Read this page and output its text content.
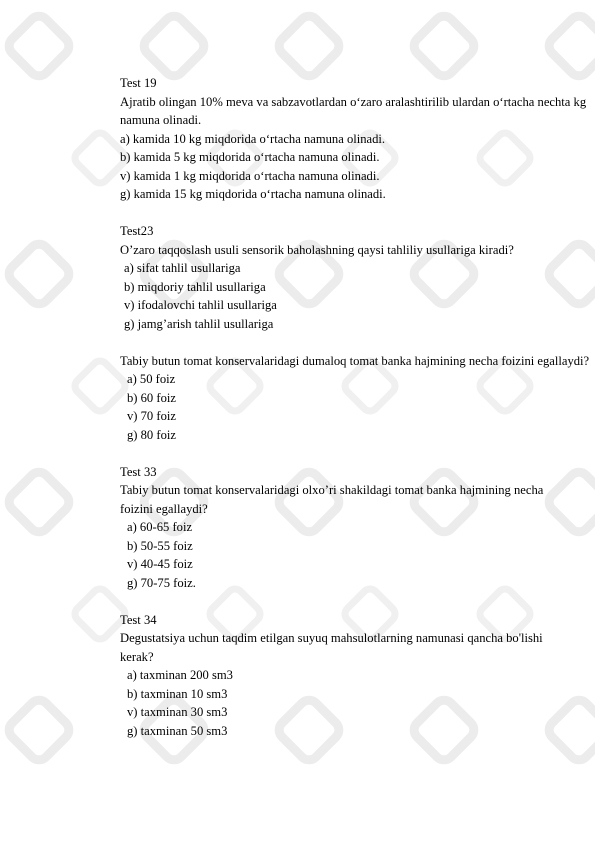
Test 19
Ajratib olingan 10% meva va sabzavotlardan o‘zaro aralashtirilib ulardan o‘rtacha nechta kg namuna olinadi.
a) kamida 10 kg miqdorida o‘rtacha namuna olinadi.
b) kamida 5 kg miqdorida o‘rtacha namuna olinadi.
v) kamida 1 kg miqdorida o‘rtacha namuna olinadi.
g) kamida 15 kg miqdorida o‘rtacha namuna olinadi.
Test23
O’zaro taqqoslash usuli sensorik baholashning qaysi tahliliy usullariga kiradi?
a) sifat tahlil usullariga
b) miqdoriy tahlil usullariga
v) ifodalovchi tahlil usullariga
g) jamg’arish tahlil usullariga
Tabiy butun tomat konservalaridagi dumaloq tomat banka hajmining necha foizini egallaydi?
a) 50 foiz
b) 60 foiz
v) 70 foiz
g) 80 foiz
Test 33
Tabiy butun tomat konservalaridagi olxo’ri shakildagi tomat banka hajmining necha foizini egallaydi?
a) 60-65 foiz
b) 50-55 foiz
v) 40-45 foiz
g) 70-75 foiz.
Test 34
Degustatsiya uchun taqdim etilgan suyuq mahsulotlarning namunasi qancha bo'lishi kerak?
a) taxminan 200 sm3
b) taxminan 10 sm3
v) taxminan 30 sm3
g) taxminan 50 sm3
